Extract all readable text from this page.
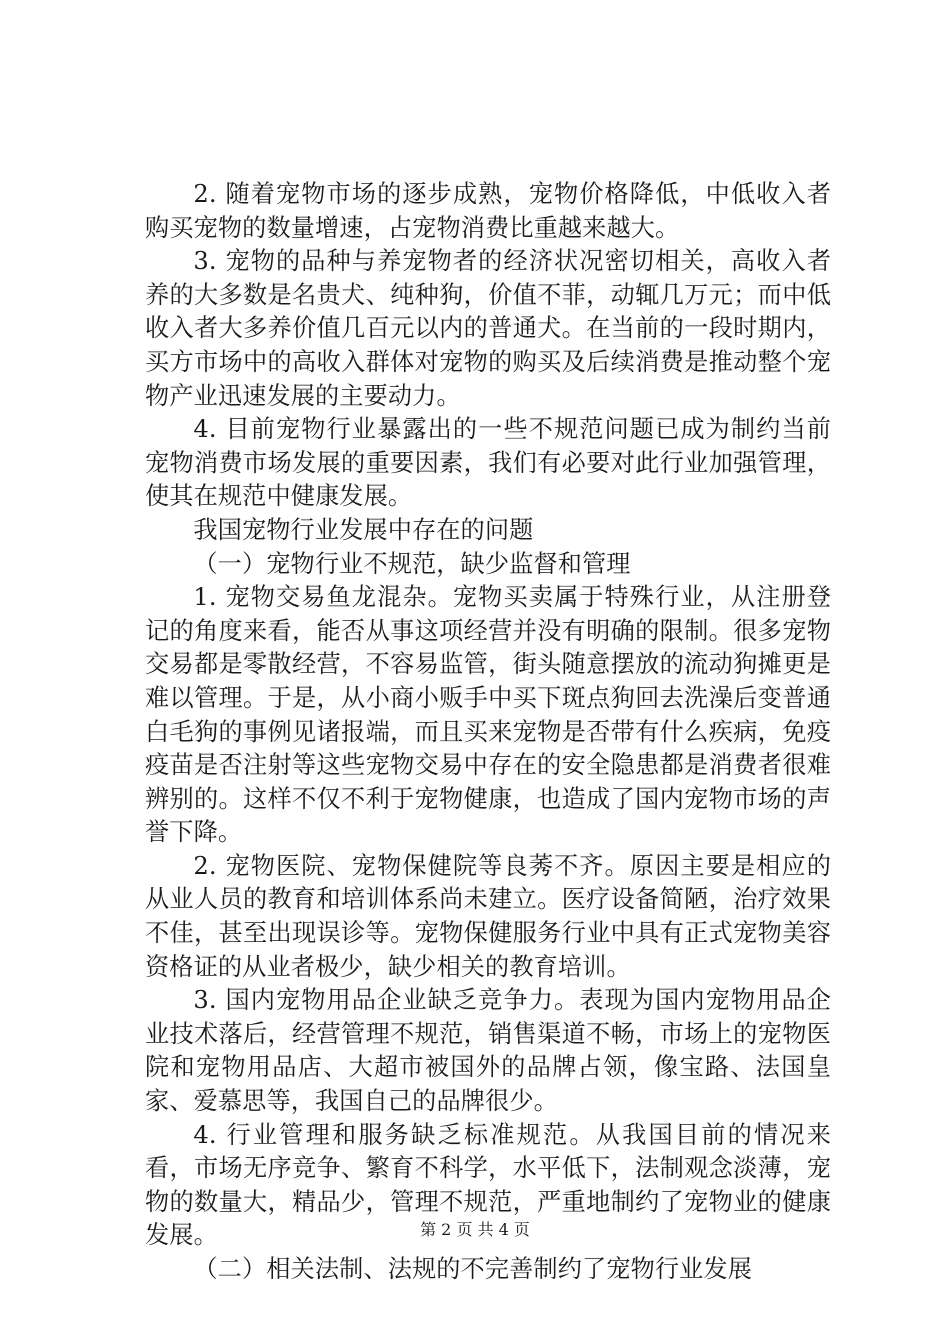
2. 随着宠物市场的逐步成熟，宠物价格降低，中低收入者购买宠物的数量增速，占宠物消费比重越来越大。

3. 宠物的品种与养宠物者的经济状况密切相关，高收入者养的大多数是名贵犬、纯种狗，价值不菲，动辄几万元；而中低收入者大多养价值几百元以内的普通犬。在当前的一段时期内，买方市场中的高收入群体对宠物的购买及后续消费是推动整个宠物产业迅速发展的主要动力。

4. 目前宠物行业暴露出的一些不规范问题已成为制约当前宠物消费市场发展的重要因素，我们有必要对此行业加强管理，使其在规范中健康发展。

我国宠物行业发展中存在的问题

（一）宠物行业不规范，缺少监督和管理

1. 宠物交易鱼龙混杂。宠物买卖属于特殊行业，从注册登记的角度来看，能否从事这项经营并没有明确的限制。很多宠物交易都是零散经营，不容易监管，街头随意摆放的流动狗摊更是难以管理。于是，从小商小贩手中买下斑点狗回去洗澡后变普通白毛狗的事例见诸报端，而且买来宠物是否带有什么疾病，免疫疫苗是否注射等这些宠物交易中存在的安全隐患都是消费者很难辨别的。这样不仅不利于宠物健康，也造成了国内宠物市场的声誉下降。

2. 宠物医院、宠物保健院等良莠不齐。原因主要是相应的从业人员的教育和培训体系尚未建立。医疗设备简陋，治疗效果不佳，甚至出现误诊等。宠物保健服务行业中具有正式宠物美容资格证的从业者极少，缺少相关的教育培训。

3. 国内宠物用品企业缺乏竞争力。表现为国内宠物用品企业技术落后，经营管理不规范，销售渠道不畅，市场上的宠物医院和宠物用品店、大超市被国外的品牌占领，像宝路、法国皇家、爱慕思等，我国自己的品牌很少。

4. 行业管理和服务缺乏标准规范。从我国目前的情况来看，市场无序竞争、繁育不科学，水平低下，法制观念淡薄，宠物的数量大，精品少，管理不规范，严重地制约了宠物业的健康发展。

（二）相关法制、法规的不完善制约了宠物行业发展

第 2 页 共 4 页
